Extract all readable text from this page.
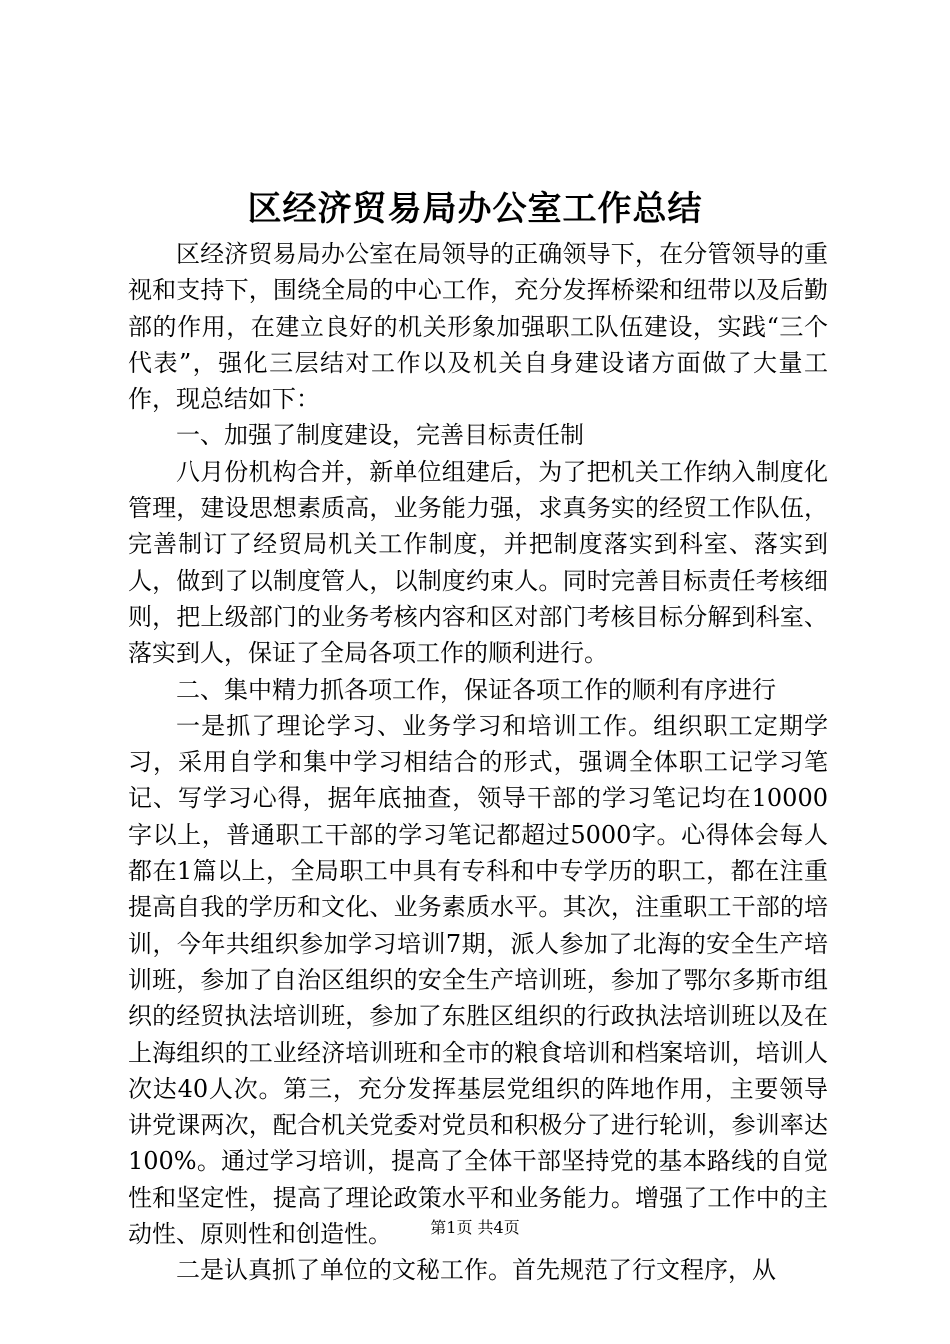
区经济贸易局办公室工作总结

区经济贸易局办公室在局领导的正确领导下，在分管领导的重视和支持下，围绕全局的中心工作，充分发挥桥梁和纽带以及后勤部的作用，在建立良好的机关形象加强职工队伍建设，实践“三个代表”，强化三层结对工作以及机关自身建设诸方面做了大量工作，现总结如下：

一、加强了制度建设，完善目标责任制

八月份机构合并，新单位组建后，为了把机关工作纳入制度化管理，建设思想素质高，业务能力强，求真务实的经贸工作队伍，完善制订了经贸局机关工作制度，并把制度落实到科室、落实到人，做到了以制度管人，以制度约束人。同时完善目标责任考核细则，把上级部门的业务考核内容和区对部门考核目标分解到科室、落实到人，保证了全局各项工作的顺利进行。

二、集中精力抓各项工作，保证各项工作的顺利有序进行

一是抓了理论学习、业务学习和培训工作。组织职工定期学习，采用自学和集中学习相结合的形式，强调全体职工记学习笔记、写学习心得，据年底抽查，领导干部的学习笔记均在10000字以上，普通职工干部的学习笔记都超过5000字。心得体会每人都在1篇以上，全局职工中具有专科和中专学历的职工，都在注重提高自我的学历和文化、业务素质水平。其次，注重职工干部的培训，今年共组织参加学习培训7期，派人参加了北海的安全生产培训班，参加了自治区组织的安全生产培训班，参加了鄂尔多斯市组织的经贸执法培训班，参加了东胜区组织的行政执法培训班以及在上海组织的工业经济培训班和全市的粮食培训和档案培训，培训人次达40人次。第三，充分发挥基层党组织的阵地作用，主要领导讲党课两次，配合机关党委对党员和积极分了进行轮训，参训率达100%。通过学习培训，提高了全体干部坚持党的基本路线的自觉性和坚定性，提高了理论政策水平和业务能力。增强了工作中的主动性、原则性和创造性。

二是认真抓了单位的文秘工作。首先规范了行文程序，从

第1页 共4页
